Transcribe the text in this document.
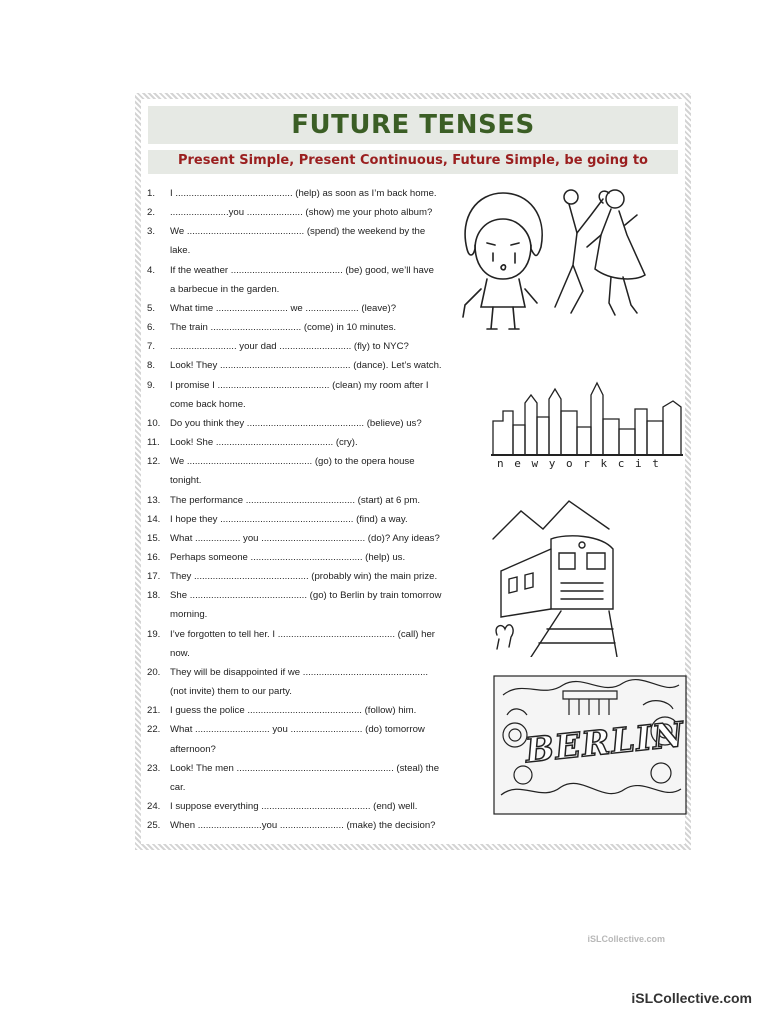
FUTURE TENSES
Present Simple, Present Continuous, Future Simple, be going to
1.	I ............................................ (help) as soon as I’m back home.
2.	......................you ..................... (show) me your photo album?
3.	We ............................................ (spend) the weekend by the
lake.
4.	If the weather .......................................... (be) good, we’ll have
a barbecue in the garden.
5.	What time ........................... we .................... (leave)?
6.	The train .................................. (come) in 10 minutes.
7.	......................... your dad ........................... (fly) to NYC?
8.	Look! They ................................................. (dance). Let’s watch.
9.	I promise I .......................................... (clean) my room after I
come back home.
10.	Do you think they ............................................ (believe) us?
11.	Look! She ............................................ (cry).
12.	We ............................................... (go) to the opera house
tonight.
13.	The performance ......................................... (start) at 6 pm.
14.	I hope they .................................................. (find) a way.
15.	What ................. you ....................................... (do)? Any ideas?
16.	Perhaps someone .......................................... (help) us.
17.	They ........................................... (probably win) the main prize.
18.	She ............................................ (go) to Berlin by train tomorrow
morning.
19.	I’ve forgotten to tell her. I ............................................ (call) her
now.
20.	They will be disappointed if we ...............................................
(not invite) them to our party.
21.	I guess the police ........................................... (follow) him.
22.	What ............................ you ........................... (do) tomorrow
afternoon?
23.	Look! The men ........................................................... (steal) the
car.
24.	I suppose everything ......................................... (end) well.
25.	When ........................you ........................ (make) the decision?
n e w y o r k c i t
BERLIN
iSLCollective.com
iSLCollective.com
